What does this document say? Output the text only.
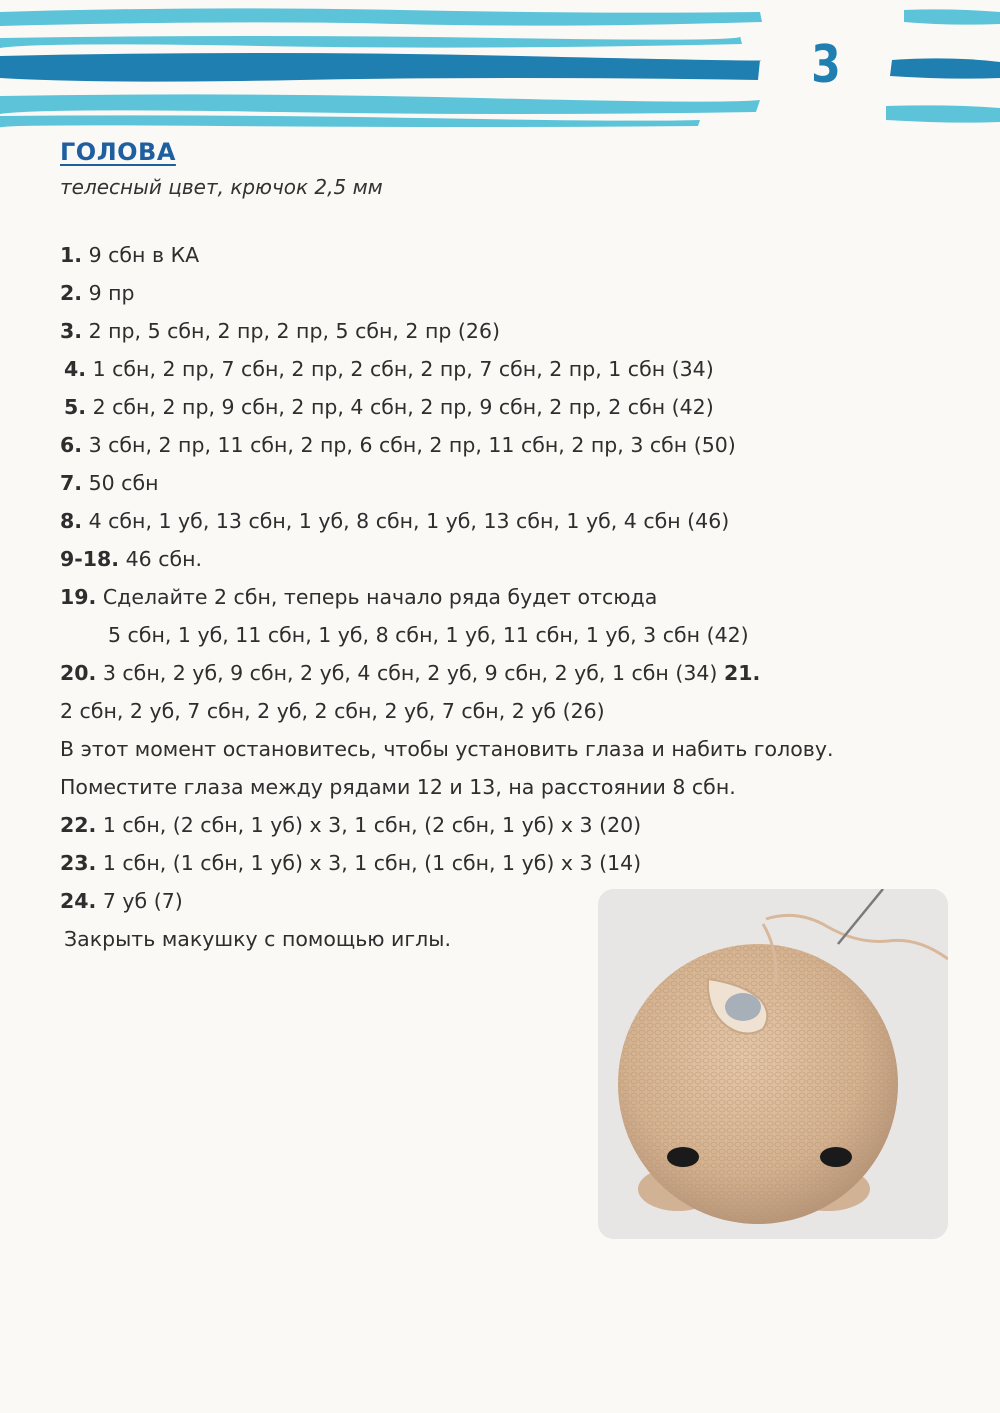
3
ГОЛОВА
телесный цвет, крючок 2,5 мм
1. 9 сбн в КА
2. 9 пр
3. 2 пр, 5 сбн, 2 пр, 2 пр, 5 сбн, 2 пр (26)
4. 1 сбн, 2 пр, 7 сбн, 2 пр, 2 сбн, 2 пр, 7 сбн, 2 пр, 1 сбн (34)
5. 2 сбн, 2 пр, 9 сбн, 2 пр, 4 сбн, 2 пр, 9 сбн, 2 пр, 2 сбн (42)
6. 3 сбн, 2 пр, 11 сбн, 2 пр, 6 сбн, 2 пр, 11 сбн, 2 пр, 3 сбн (50)
7. 50 сбн
8. 4 сбн, 1 уб, 13 сбн, 1 уб, 8 сбн, 1 уб, 13 сбн, 1 уб, 4 сбн (46)
9-18. 46 сбн.
19. Сделайте 2 сбн, теперь начало ряда будет отсюда
5 сбн, 1 уб, 11 сбн, 1 уб, 8 сбн, 1 уб, 11 сбн, 1 уб, 3 сбн (42)
20. 3 сбн, 2 уб, 9 сбн, 2 уб, 4 сбн, 2 уб, 9 сбн, 2 уб, 1 сбн (34) 21.
2 сбн, 2 уб, 7 сбн, 2 уб, 2 сбн, 2 уб, 7 сбн, 2 уб (26)
В этот момент остановитесь, чтобы установить глаза и набить голову.
Поместите глаза между рядами 12 и 13, на расстоянии 8 сбн.
22. 1 сбн, (2 сбн, 1 уб) х 3, 1 сбн, (2 сбн, 1 уб) х 3 (20)
23. 1 сбн, (1 сбн, 1 уб) х 3, 1 сбн, (1 сбн, 1 уб) х 3 (14)
24. 7 уб (7)
Закрыть макушку с помощью иглы.
